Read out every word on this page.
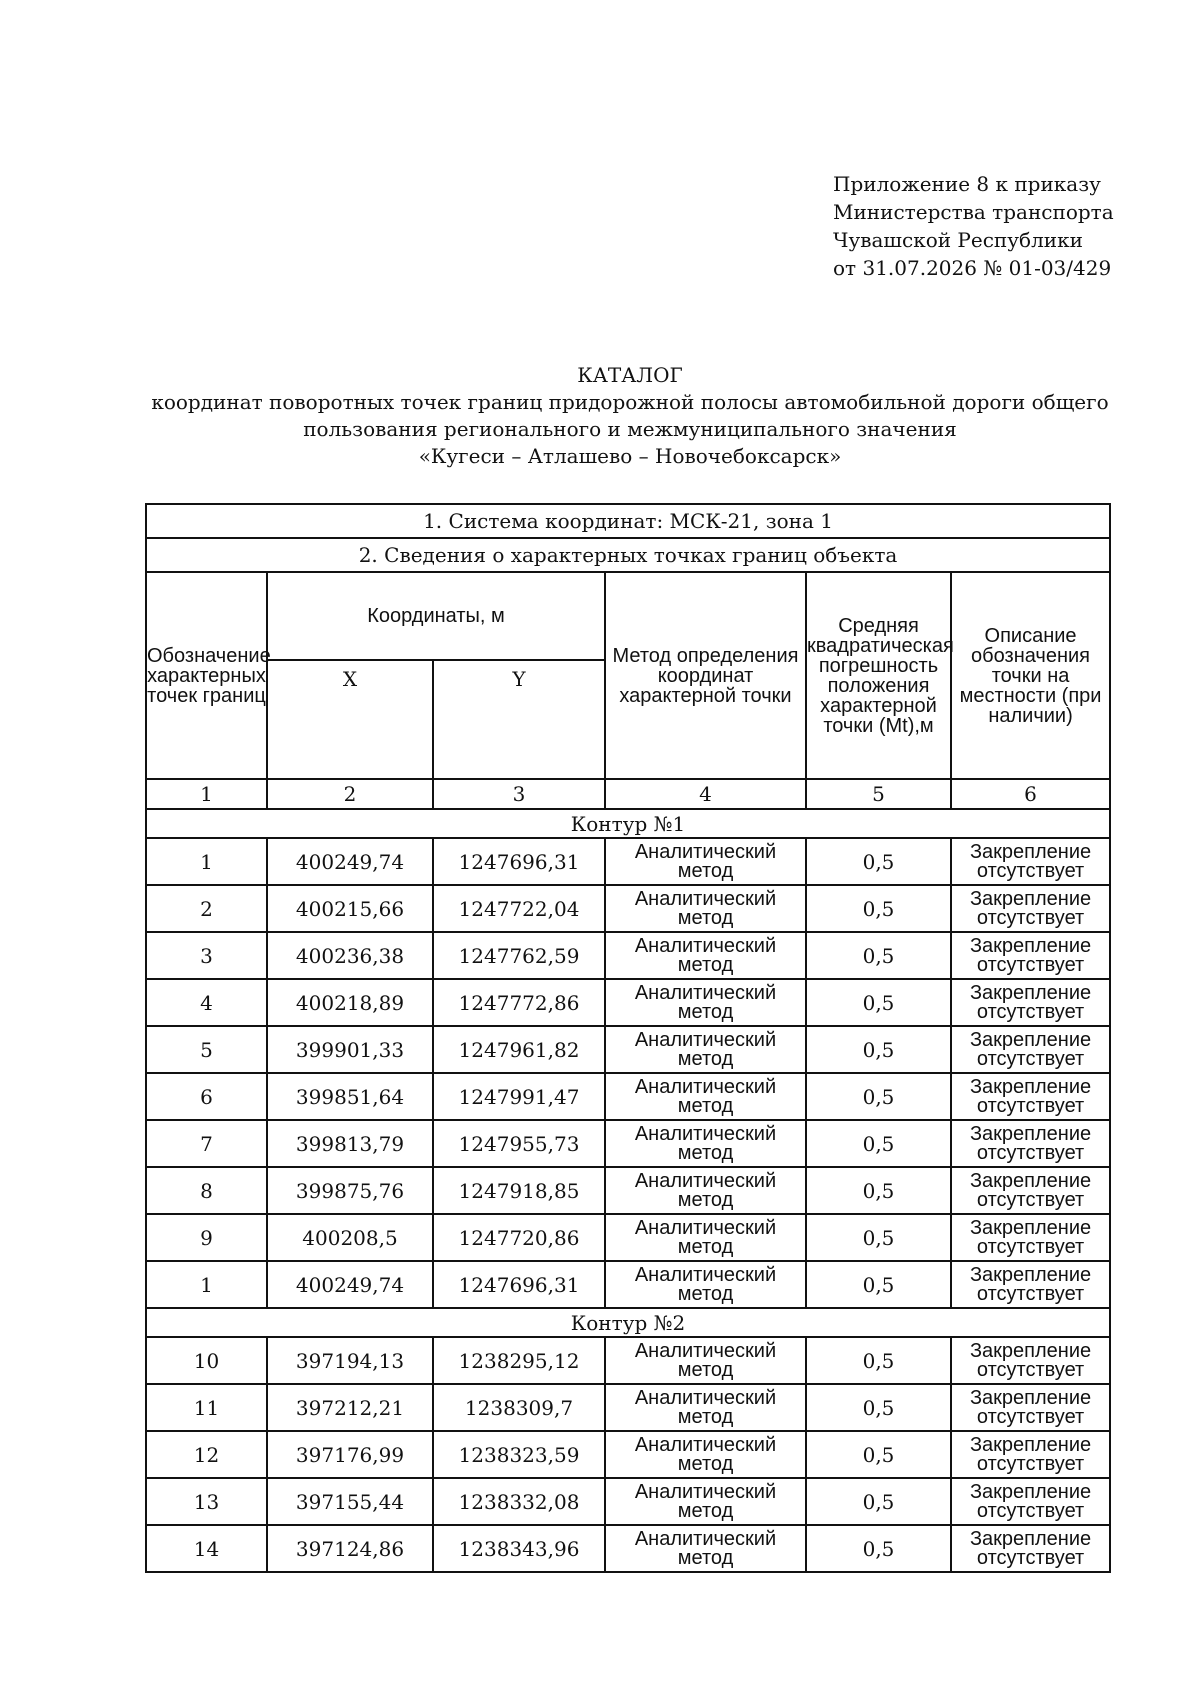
Приложение 8 к приказу
Министерства транспорта
Чувашской Республики
от 31.07.2026 № 01-03/429
КАТАЛОГ
координат поворотных точек границ придорожной полосы автомобильной дороги общего
пользования регионального и межмуниципального значения
«Кугеси – Атлашево – Новочебоксарск»
1. Система координат: МСК-21, зона 1					
2. Сведения о характерных точках границ объекта					
Обозначение характерных точек границ	Координаты, м		Метод определения координат характерной точки	Средняя квадратическая погрешность положения характерной точки (Mt),м	Описание обозначения точки на местности (при наличии)
	X	Y			
1	2	3	4	5	6
Контур №1					
1	400249,74	1247696,31	Аналитический метод	0,5	Закрепление отсутствует
2	400215,66	1247722,04	Аналитический метод	0,5	Закрепление отсутствует
3	400236,38	1247762,59	Аналитический метод	0,5	Закрепление отсутствует
4	400218,89	1247772,86	Аналитический метод	0,5	Закрепление отсутствует
5	399901,33	1247961,82	Аналитический метод	0,5	Закрепление отсутствует
6	399851,64	1247991,47	Аналитический метод	0,5	Закрепление отсутствует
7	399813,79	1247955,73	Аналитический метод	0,5	Закрепление отсутствует
8	399875,76	1247918,85	Аналитический метод	0,5	Закрепление отсутствует
9	400208,5	1247720,86	Аналитический метод	0,5	Закрепление отсутствует
1	400249,74	1247696,31	Аналитический метод	0,5	Закрепление отсутствует
Контур №2					
10	397194,13	1238295,12	Аналитический метод	0,5	Закрепление отсутствует
11	397212,21	1238309,7	Аналитический метод	0,5	Закрепление отсутствует
12	397176,99	1238323,59	Аналитический метод	0,5	Закрепление отсутствует
13	397155,44	1238332,08	Аналитический метод	0,5	Закрепление отсутствует
14	397124,86	1238343,96	Аналитический метод	0,5	Закрепление отсутствует
